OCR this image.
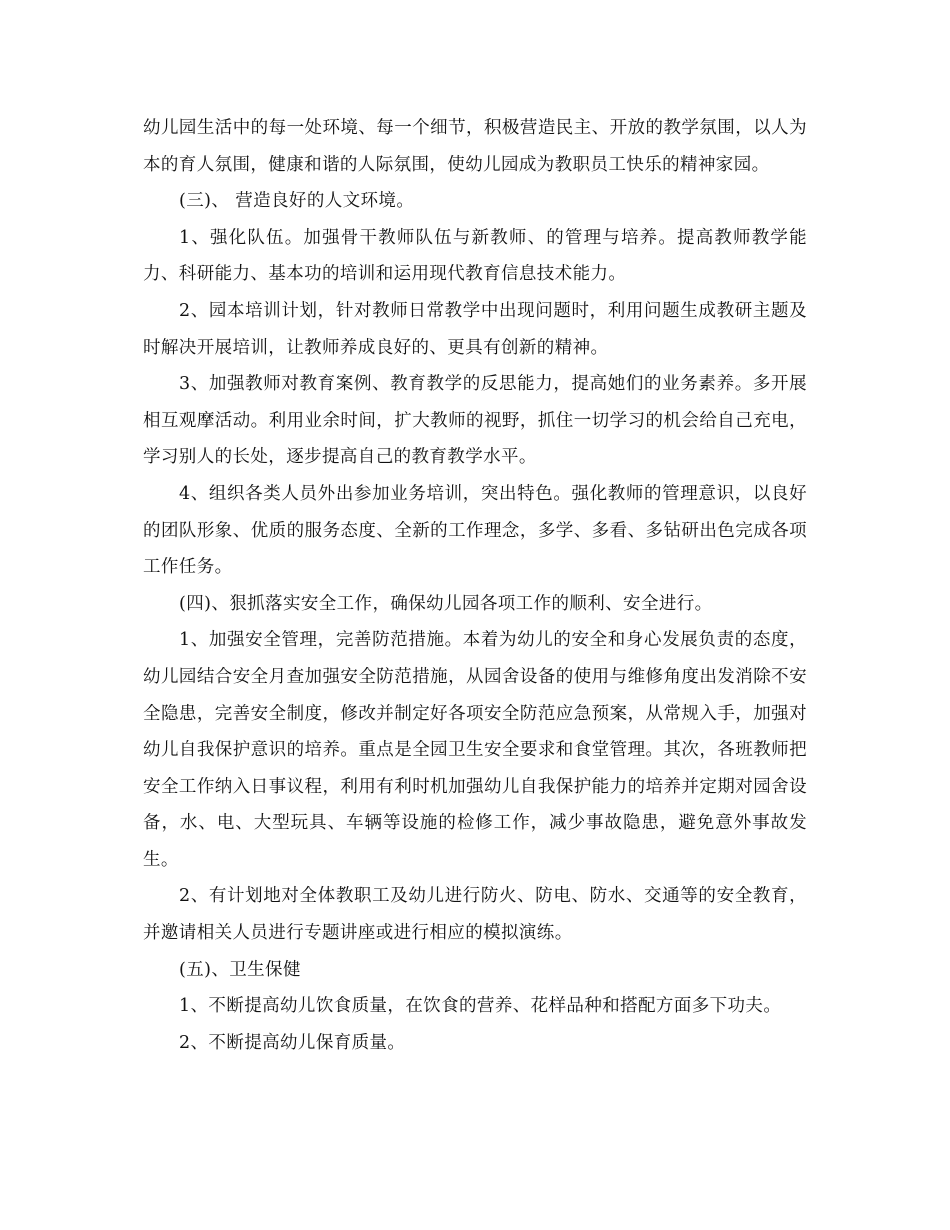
幼儿园生活中的每一处环境、每一个细节，积极营造民主、开放的教学氛围，以人为本的育人氛围，健康和谐的人际氛围，使幼儿园成为教职员工快乐的精神家园。

(三)、 营造良好的人文环境。

1、强化队伍。加强骨干教师队伍与新教师、的管理与培养。提高教师教学能力、科研能力、基本功的培训和运用现代教育信息技术能力。

2、园本培训计划，针对教师日常教学中出现问题时，利用问题生成教研主题及时解决开展培训，让教师养成良好的、更具有创新的精神。

3、加强教师对教育案例、教育教学的反思能力，提高她们的业务素养。多开展相互观摩活动。利用业余时间，扩大教师的视野，抓住一切学习的机会给自己充电，学习别人的长处，逐步提高自己的教育教学水平。

4、组织各类人员外出参加业务培训，突出特色。强化教师的管理意识，以良好的团队形象、优质的服务态度、全新的工作理念，多学、多看、多钻研出色完成各项工作任务。

(四)、狠抓落实安全工作，确保幼儿园各项工作的顺利、安全进行。

1、加强安全管理，完善防范措施。本着为幼儿的安全和身心发展负责的态度，幼儿园结合安全月查加强安全防范措施，从园舍设备的使用与维修角度出发消除不安全隐患，完善安全制度，修改并制定好各项安全防范应急预案，从常规入手，加强对幼儿自我保护意识的培养。重点是全园卫生安全要求和食堂管理。其次，各班教师把安全工作纳入日事议程，利用有利时机加强幼儿自我保护能力的培养并定期对园舍设备，水、电、大型玩具、车辆等设施的检修工作，减少事故隐患，避免意外事故发生。

2、有计划地对全体教职工及幼儿进行防火、防电、防水、交通等的安全教育，并邀请相关人员进行专题讲座或进行相应的模拟演练。

(五)、卫生保健

1、不断提高幼儿饮食质量，在饮食的营养、花样品种和搭配方面多下功夫。

2、不断提高幼儿保育质量。
